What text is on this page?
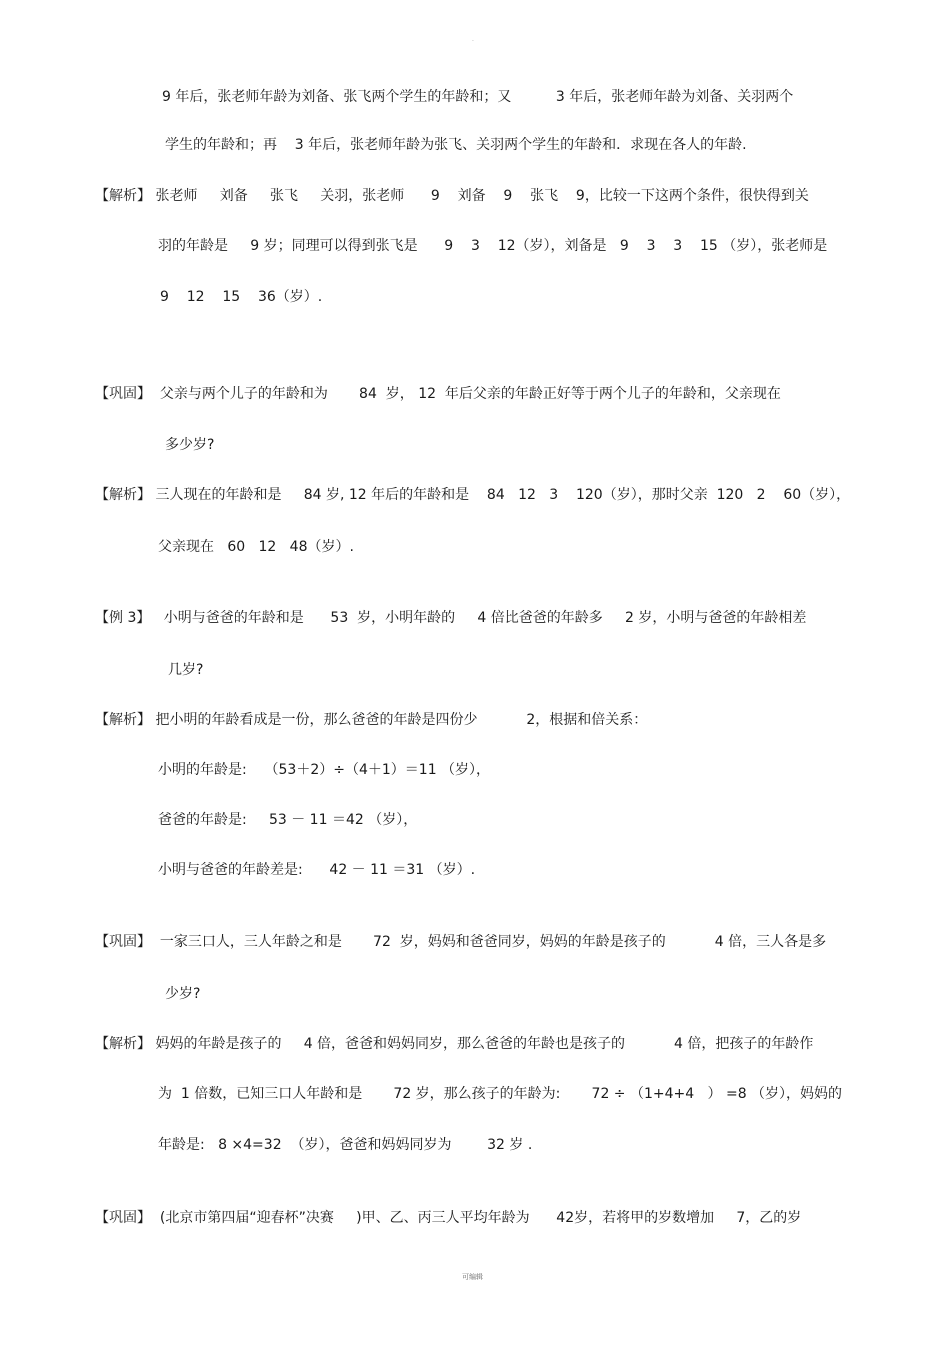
·
9 年后，张老师年龄为刘备、张飞两个学生的年龄和；又          3 年后，张老师年龄为刘备、关羽两个
学生的年龄和；再    3 年后，张老师年龄为张飞、关羽两个学生的年龄和．求现在各人的年龄.
【解析】 张老师     刘备     张飞     关羽，张老师      9    刘备    9    张飞    9，比较一下这两个条件，很快得到关
羽的年龄是     9 岁；同理可以得到张飞是      9    3    12（岁），刘备是   9    3    3    15 （岁），张老师是
9    12    15    36（岁）.
【巩固】  父亲与两个儿子的年龄和为       84  岁， 12  年后父亲的年龄正好等于两个儿子的年龄和，父亲现在
多少岁?
【解析】 三人现在的年龄和是     84 岁, 12 年后的年龄和是    84   12   3    120（岁），那时父亲  120   2    60（岁），
父亲现在   60   12   48（岁）.
【例 3】   小明与爸爸的年龄和是      53  岁，小明年龄的     4 倍比爸爸的年龄多     2 岁，小明与爸爸的年龄相差
几岁?
【解析】 把小明的年龄看成是一份，那么爸爸的年龄是四份少           2，根据和倍关系：
小明的年龄是:    （53＋2）÷（4＋1）＝11 （岁），
爸爸的年龄是:     53 － 11 ＝42 （岁），
小明与爸爸的年龄差是:      42 － 11 ＝31 （岁）.
【巩固】  一家三口人，三人年龄之和是       72  岁，妈妈和爸爸同岁，妈妈的年龄是孩子的           4 倍，三人各是多
少岁?
【解析】 妈妈的年龄是孩子的     4 倍，爸爸和妈妈同岁，那么爸爸的年龄也是孩子的           4 倍，把孩子的年龄作
为  1 倍数，已知三口人年龄和是       72 岁，那么孩子的年龄为:       72 ÷ （1+4+4   ） =8 （岁），妈妈的
年龄是:   8 ×4=32  （岁），爸爸和妈妈同岁为        32 岁 .
【巩固】  (北京市第四届“迎春杯”决赛     )甲、乙、丙三人平均年龄为      42岁，若将甲的岁数增加     7，乙的岁
可编辑
